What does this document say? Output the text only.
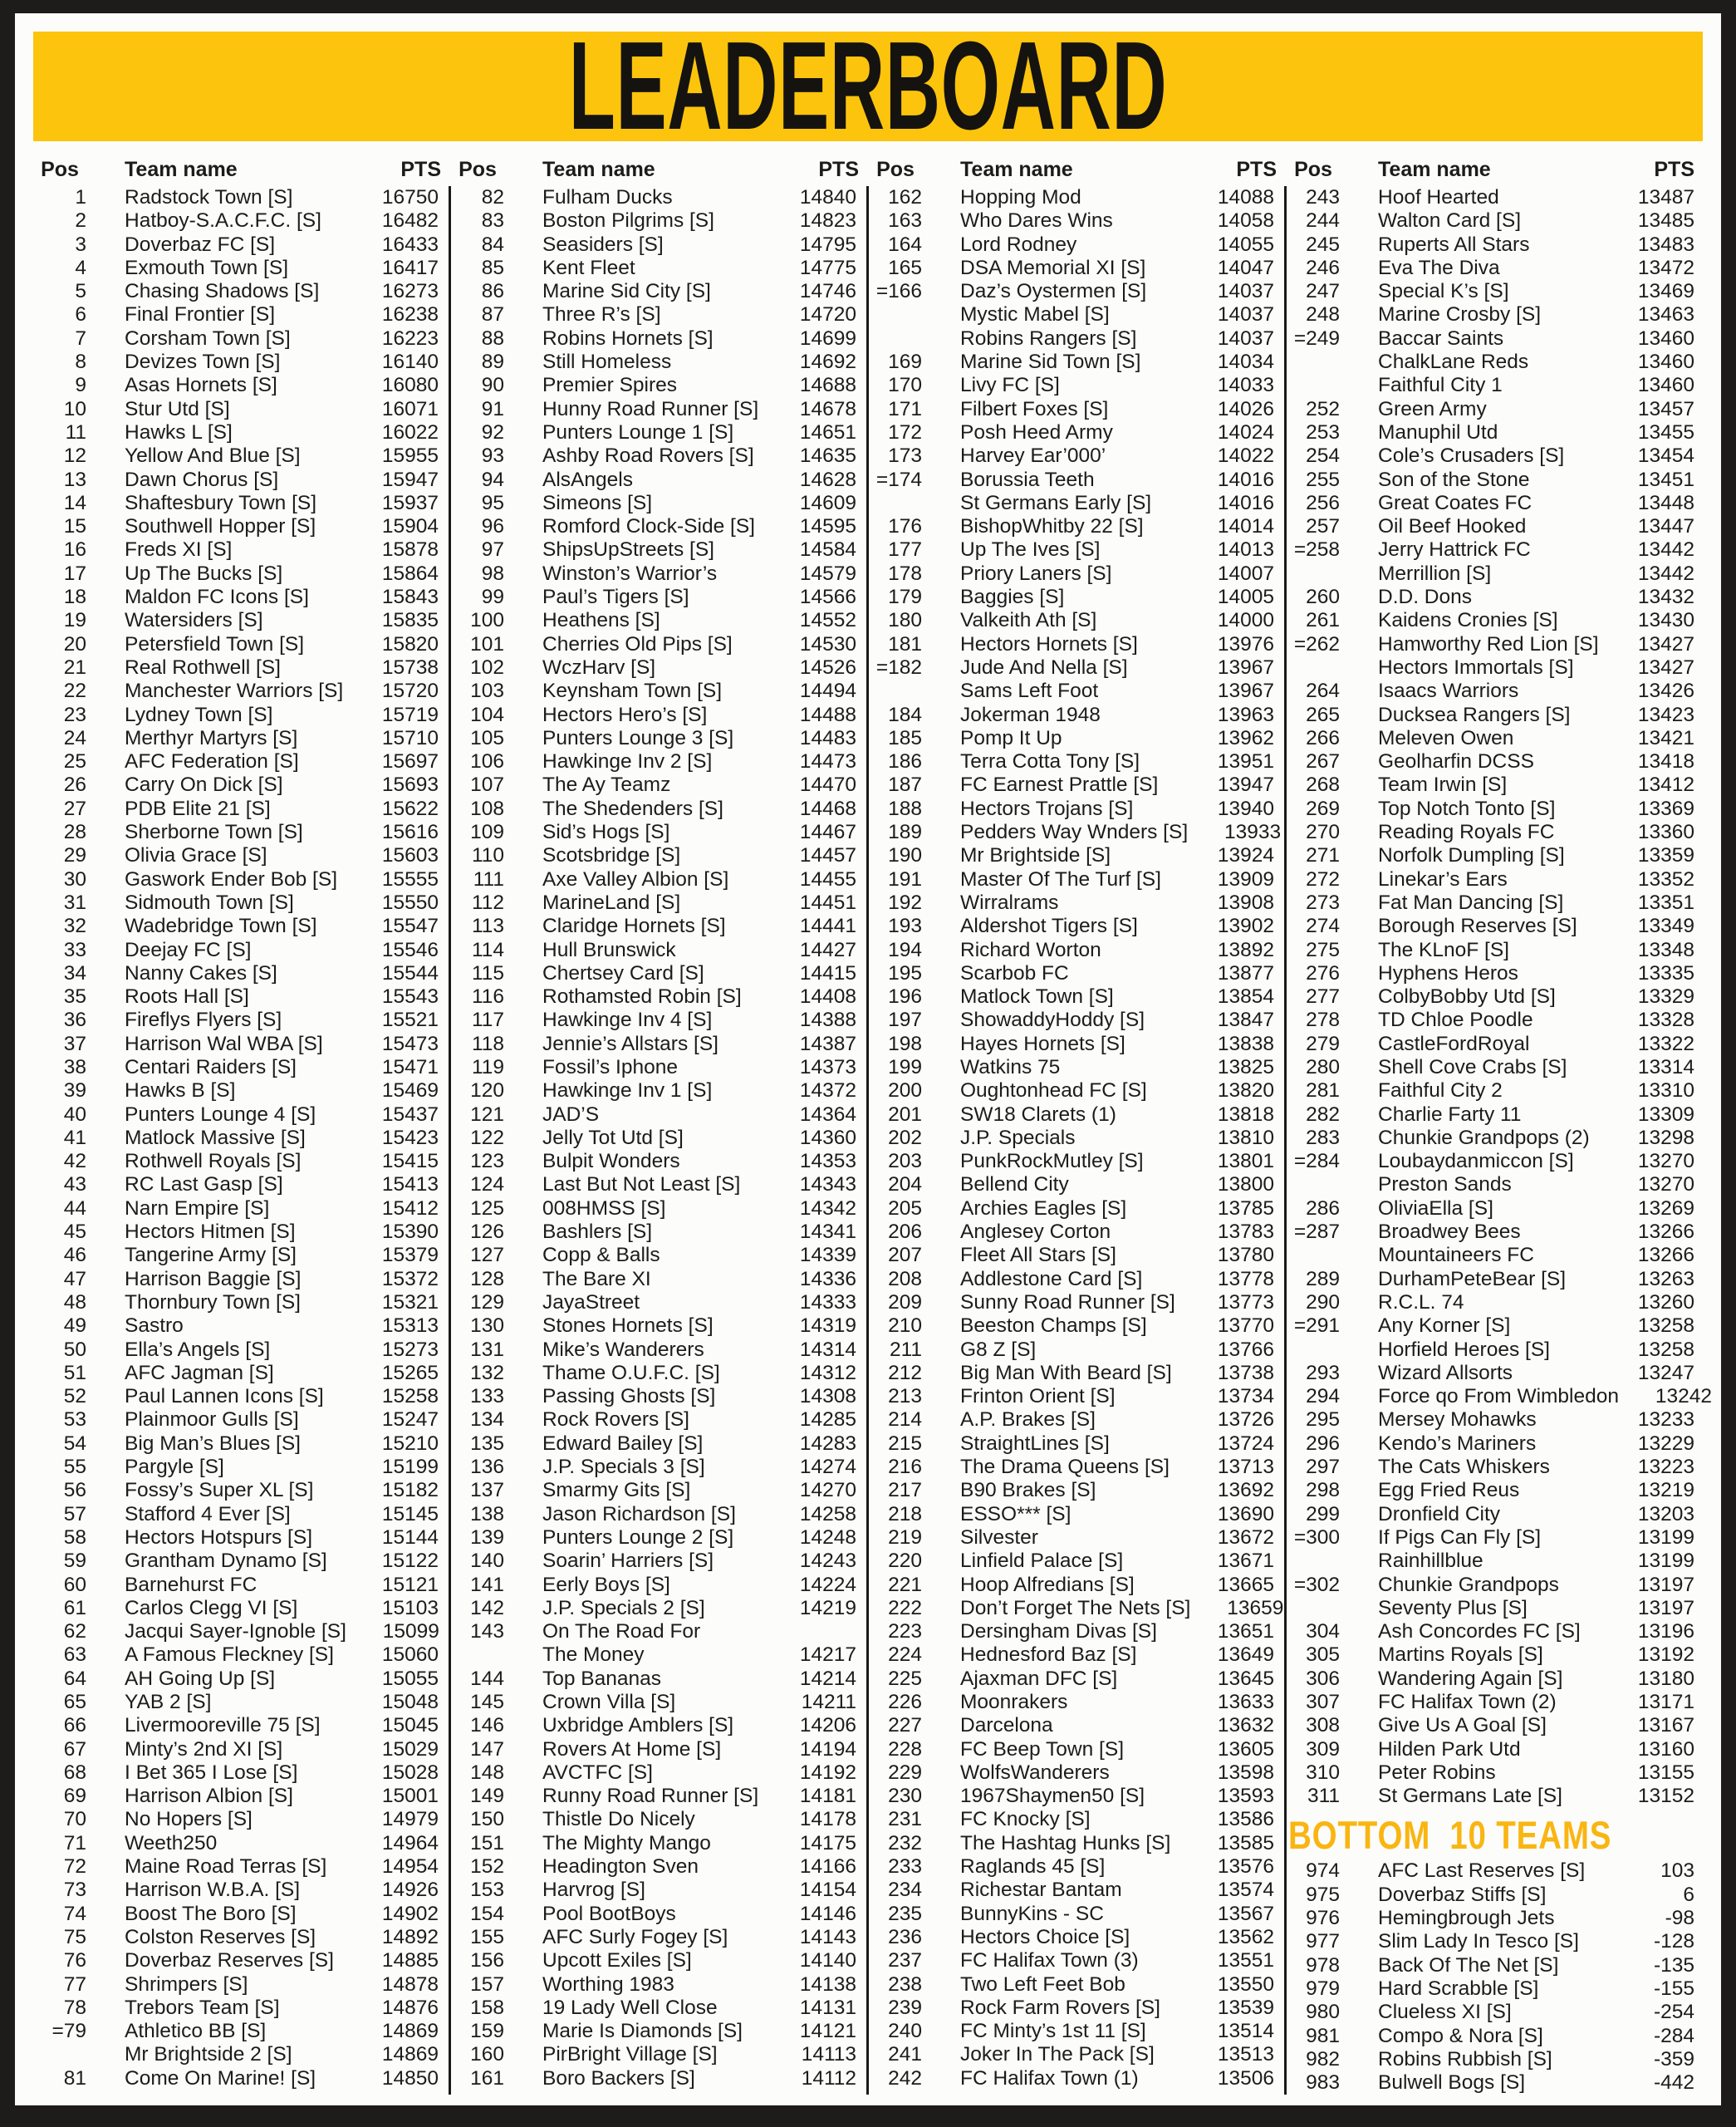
LEADERBOARD
Pos	Team name	PTS
1 Radstock Town [S]	16750
2 Hatboy-S.A.C.F.C. [S]	16482
3 Doverbaz FC [S]	16433
4 Exmouth Town [S]	16417
5 Chasing Shadows [S]	16273
6 Final Frontier [S]	16238
7 Corsham Town [S]	16223
8 Devizes Town [S]	16140
9 Asas Hornets [S]	16080
10 Stur Utd [S]	16071
11 Hawks L [S]	16022
12 Yellow And Blue [S]	15955
13 Dawn Chorus [S]	15947
14 Shaftesbury Town [S]	15937
15 Southwell Hopper [S]	15904
16 Freds XI [S]	15878
17 Up The Bucks [S]	15864
18 Maldon FC Icons [S]	15843
19 Watersiders [S]	15835
20 Petersfield Town [S]	15820
21 Real Rothwell [S]	15738
22 Manchester Warriors [S]	15720
23 Lydney Town [S]	15719
24 Merthyr Martyrs [S]	15710
25 AFC Federation [S]	15697
26 Carry On Dick [S]	15693
27 PDB Elite 21 [S]	15622
28 Sherborne Town [S]	15616
29 Olivia Grace [S]	15603
30 Gaswork Ender Bob [S]	15555
31 Sidmouth Town [S]	15550
32 Wadebridge Town [S]	15547
33 Deejay FC [S]	15546
34 Nanny Cakes [S]	15544
35 Roots Hall [S]	15543
36 Fireflys Flyers [S]	15521
37 Harrison Wal WBA [S]	15473
38 Centari Raiders [S]	15471
39 Hawks B [S]	15469
40 Punters Lounge 4 [S]	15437
41 Matlock Massive [S]	15423
42 Rothwell Royals [S]	15415
43 RC Last Gasp [S]	15413
44 Narn Empire [S]	15412
45 Hectors Hitmen [S]	15390
46 Tangerine Army [S]	15379
47 Harrison Baggie [S]	15372
48 Thornbury Town [S]	15321
49 Sastro	15313
50 Ella’s Angels [S]	15273
51 AFC Jagman [S]	15265
52 Paul Lannen Icons [S]	15258
53 Plainmoor Gulls [S]	15247
54 Big Man’s Blues [S]	15210
55 Pargyle [S]	15199
56 Fossy’s Super XL [S]	15182
57 Stafford 4 Ever [S]	15145
58 Hectors Hotspurs [S]	15144
59 Grantham Dynamo [S]	15122
60 Barnehurst FC	15121
61 Carlos Clegg VI [S]	15103
62 Jacqui Sayer-Ignoble [S]	15099
63 A Famous Fleckney [S]	15060
64 AH Going Up [S]	15055
65 YAB 2 [S]	15048
66 Livermooreville 75 [S]	15045
67 Minty’s 2nd XI [S]	15029
68 I Bet 365 I Lose [S]	15028
69 Harrison Albion [S]	15001
70 No Hopers [S]	14979
71 Weeth250	14964
72 Maine Road Terras [S]	14954
73 Harrison W.B.A. [S]	14926
74 Boost The Boro [S]	14902
75 Colston Reserves [S]	14892
76 Doverbaz Reserves [S]	14885
77 Shrimpers [S]	14878
78 Trebors Team [S]	14876
=79 Athletico BB [S]	14869
Mr Brightside 2 [S]	14869
81 Come On Marine! [S]	14850
Pos	Team name	PTS
82 Fulham Ducks	14840
83 Boston Pilgrims [S]	14823
84 Seasiders [S]	14795
85 Kent Fleet	14775
86 Marine Sid City [S]	14746
87 Three R’s [S]	14720
88 Robins Hornets [S]	14699
89 Still Homeless	14692
90 Premier Spires	14688
91 Hunny Road Runner [S]	14678
92 Punters Lounge 1 [S]	14651
93 Ashby Road Rovers [S]	14635
94 AlsAngels	14628
95 Simeons [S]	14609
96 Romford Clock-Side [S]	14595
97 ShipsUpStreets [S]	14584
98 Winston’s Warrior’s	14579
99 Paul’s Tigers [S]	14566
100 Heathens [S]	14552
101 Cherries Old Pips [S]	14530
102 WczHarv [S]	14526
103 Keynsham Town [S]	14494
104 Hectors Hero’s [S]	14488
105 Punters Lounge 3 [S]	14483
106 Hawkinge Inv 2 [S]	14473
107 The Ay Teamz	14470
108 The Shedenders [S]	14468
109 Sid’s Hogs [S]	14467
110 Scotsbridge [S]	14457
111 Axe Valley Albion [S]	14455
112 MarineLand [S]	14451
113 Claridge Hornets [S]	14441
114 Hull Brunswick	14427
115 Chertsey Card [S]	14415
116 Rothamsted Robin [S]	14408
117 Hawkinge Inv 4 [S]	14388
118 Jennie’s Allstars [S]	14387
119 Fossil’s Iphone	14373
120 Hawkinge Inv 1 [S]	14372
121 JAD’S	14364
122 Jelly Tot Utd [S]	14360
123 Bulpit Wonders	14353
124 Last But Not Least [S]	14343
125 008HMSS [S]	14342
126 Bashlers [S]	14341
127 Copp & Balls	14339
128 The Bare XI	14336
129 JayaStreet	14333
130 Stones Hornets [S]	14319
131 Mike’s Wanderers	14314
132 Thame O.U.F.C. [S]	14312
133 Passing Ghosts [S]	14308
134 Rock Rovers [S]	14285
135 Edward Bailey [S]	14283
136 J.P. Specials 3 [S]	14274
137 Smarmy Gits [S]	14270
138 Jason Richardson [S]	14258
139 Punters Lounge 2 [S]	14248
140 Soarin’ Harriers [S]	14243
141 Eerly Boys [S]	14224
142 J.P. Specials 2 [S]	14219
143 On The Road For
The Money	14217
144 Top Bananas	14214
145 Crown Villa [S]	14211
146 Uxbridge Amblers [S]	14206
147 Rovers At Home [S]	14194
148 AVCTFC [S]	14192
149 Runny Road Runner [S]	14181
150 Thistle Do Nicely	14178
151 The Mighty Mango	14175
152 Headington Sven	14166
153 Harvrog [S]	14154
154 Pool BootBoys	14146
155 AFC Surly Fogey [S]	14143
156 Upcott Exiles [S]	14140
157 Worthing 1983	14138
158 19 Lady Well Close	14131
159 Marie Is Diamonds [S]	14121
160 PirBright Village [S]	14113
161 Boro Backers [S]	14112
Pos	Team name	PTS
162 Hopping Mod	14088
163 Who Dares Wins	14058
164 Lord Rodney	14055
165 DSA Memorial XI [S]	14047
=166 Daz’s Oystermen [S]	14037
Mystic Mabel [S]	14037
Robins Rangers [S]	14037
169 Marine Sid Town [S]	14034
170 Livy FC [S]	14033
171 Filbert Foxes [S]	14026
172 Posh Heed Army	14024
173 Harvey Ear’000’	14022
=174 Borussia Teeth	14016
St Germans Early [S]	14016
176 BishopWhitby 22 [S]	14014
177 Up The Ives [S]	14013
178 Priory Laners [S]	14007
179 Baggies [S]	14005
180 Valkeith Ath [S]	14000
181 Hectors Hornets [S]	13976
=182 Jude And Nella [S]	13967
Sams Left Foot	13967
184 Jokerman 1948	13963
185 Pomp It Up	13962
186 Terra Cotta Tony [S]	13951
187 FC Earnest Prattle [S]	13947
188 Hectors Trojans [S]	13940
189 Pedders Way Wnders [S]	13933
190 Mr Brightside [S]	13924
191 Master Of The Turf [S]	13909
192 Wirralrams	13908
193 Aldershot Tigers [S]	13902
194 Richard Worton	13892
195 Scarbob FC	13877
196 Matlock Town [S]	13854
197 ShowaddyHoddy [S]	13847
198 Hayes Hornets [S]	13838
199 Watkins 75	13825
200 Oughtonhead FC [S]	13820
201 SW18 Clarets (1)	13818
202 J.P. Specials	13810
203 PunkRockMutley [S]	13801
204 Bellend City	13800
205 Archies Eagles [S]	13785
206 Anglesey Corton	13783
207 Fleet All Stars [S]	13780
208 Addlestone Card [S]	13778
209 Sunny Road Runner [S]	13773
210 Beeston Champs [S]	13770
211 G8 Z [S]	13766
212 Big Man With Beard [S]	13738
213 Frinton Orient [S]	13734
214 A.P. Brakes [S]	13726
215 StraightLines [S]	13724
216 The Drama Queens [S]	13713
217 B90 Brakes [S]	13692
218 ESSO*** [S]	13690
219 Silvester	13672
220 Linfield Palace [S]	13671
221 Hoop Alfredians [S]	13665
222 Don’t Forget The Nets [S]	13659
223 Dersingham Divas [S]	13651
224 Hednesford Baz [S]	13649
225 Ajaxman DFC [S]	13645
226 Moonrakers	13633
227 Darcelona	13632
228 FC Beep Town [S]	13605
229 WolfsWanderers	13598
230 1967Shaymen50 [S]	13593
231 FC Knocky [S]	13586
232 The Hashtag Hunks [S]	13585
233 Raglands 45 [S]	13576
234 Richestar Bantam	13574
235 BunnyKins - SC	13567
236 Hectors Choice [S]	13562
237 FC Halifax Town (3)	13551
238 Two Left Feet Bob	13550
239 Rock Farm Rovers [S]	13539
240 FC Minty’s 1st 11 [S]	13514
241 Joker In The Pack [S]	13513
242 FC Halifax Town (1)	13506
Pos	Team name	PTS
243 Hoof Hearted	13487
244 Walton Card [S]	13485
245 Ruperts All Stars	13483
246 Eva The Diva	13472
247 Special K’s [S]	13469
248 Marine Crosby [S]	13463
=249 Baccar Saints	13460
ChalkLane Reds	13460
Faithful City 1	13460
252 Green Army	13457
253 Manuphil Utd	13455
254 Cole’s Crusaders [S]	13454
255 Son of the Stone	13451
256 Great Coates FC	13448
257 Oil Beef Hooked	13447
=258 Jerry Hattrick FC	13442
Merrillion [S]	13442
260 D.D. Dons	13432
261 Kaidens Cronies [S]	13430
=262 Hamworthy Red Lion [S]	13427
Hectors Immortals [S]	13427
264 Isaacs Warriors	13426
265 Ducksea Rangers [S]	13423
266 Meleven Owen	13421
267 Geolharfin DCSS	13418
268 Team Irwin [S]	13412
269 Top Notch Tonto [S]	13369
270 Reading Royals FC	13360
271 Norfolk Dumpling [S]	13359
272 Linekar’s Ears	13352
273 Fat Man Dancing [S]	13351
274 Borough Reserves [S]	13349
275 The KLnoF [S]	13348
276 Hyphens Heros	13335
277 ColbyBobby Utd [S]	13329
278 TD Chloe Poodle	13328
279 CastleFordRoyal	13322
280 Shell Cove Crabs [S]	13314
281 Faithful City 2	13310
282 Charlie Farty 11	13309
283 Chunkie Grandpops (2)	13298
=284 Loubaydanmiccon [S]	13270
Preston Sands	13270
286 OliviaElla [S]	13269
=287 Broadwey Bees	13266
Mountaineers FC	13266
289 DurhamPeteBear [S]	13263
290 R.C.L. 74	13260
=291 Any Korner [S]	13258
Horfield Heroes [S]	13258
293 Wizard Allsorts	13247
294 Force qo From Wimbledon	13242
295 Mersey Mohawks	13233
296 Kendo’s Mariners	13229
297 The Cats Whiskers	13223
298 Egg Fried Reus	13219
299 Dronfield City	13203
=300 If Pigs Can Fly [S]	13199
Rainhillblue	13199
=302 Chunkie Grandpops	13197
Seventy Plus [S]	13197
304 Ash Concordes FC [S]	13196
305 Martins Royals [S]	13192
306 Wandering Again [S]	13180
307 FC Halifax Town (2)	13171
308 Give Us A Goal [S]	13167
309 Hilden Park Utd	13160
310 Peter Robins	13155
311 St Germans Late [S]	13152
BOTTOM  10 TEAMS
974 AFC Last Reserves [S]	103
975 Doverbaz Stiffs [S]	6
976 Hemingbrough Jets	-98
977 Slim Lady In Tesco [S]	-128
978 Back Of The Net [S]	-135
979 Hard Scrabble [S]	-155
980 Clueless XI [S]	-254
981 Compo & Nora [S]	-284
982 Robins Rubbish [S]	-359
983 Bulwell Bogs [S]	-442
